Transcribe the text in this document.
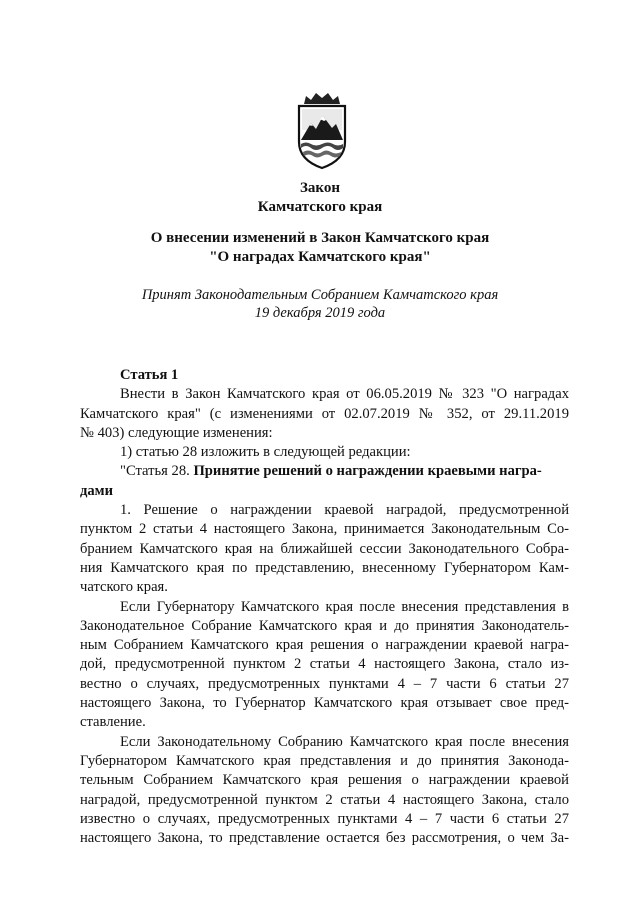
Закон
Камчатского края
О внесении изменений в Закон Камчатского края
"О наградах Камчатского края"
Принят Законодательным Собранием Камчатского края
19 декабря 2019 года
Статья 1
Внести в Закон Камчатского края от 06.05.2019 № 323 "О наградах
Камчатского края" (с изменениями от 02.07.2019 № 352, от 29.11.2019
№ 403) следующие изменения:
1) статью 28 изложить в следующей редакции:
"Статья 28. Принятие решений о награждении краевыми награ-
дами
1. Решение о награждении краевой наградой, предусмотренной
пунктом 2 статьи 4 настоящего Закона, принимается Законодательным Со-
бранием Камчатского края на ближайшей сессии Законодательного Собра-
ния Камчатского края по представлению, внесенному Губернатором Кам-
чатского края.
Если Губернатору Камчатского края после внесения представления в
Законодательное Собрание Камчатского края и до принятия Законодатель-
ным Собранием Камчатского края решения о награждении краевой награ-
дой, предусмотренной пунктом 2 статьи 4 настоящего Закона, стало из-
вестно о случаях, предусмотренных пунктами 4 – 7 части 6 статьи 27
настоящего Закона, то Губернатор Камчатского края отзывает свое пред-
ставление.
Если Законодательному Собранию Камчатского края после внесения
Губернатором Камчатского края представления и до принятия Законода-
тельным Собранием Камчатского края решения о награждении краевой
наградой, предусмотренной пунктом 2 статьи 4 настоящего Закона, стало
известно о случаях, предусмотренных пунктами 4 – 7 части 6 статьи 27
настоящего Закона, то представление остается без рассмотрения, о чем За-
